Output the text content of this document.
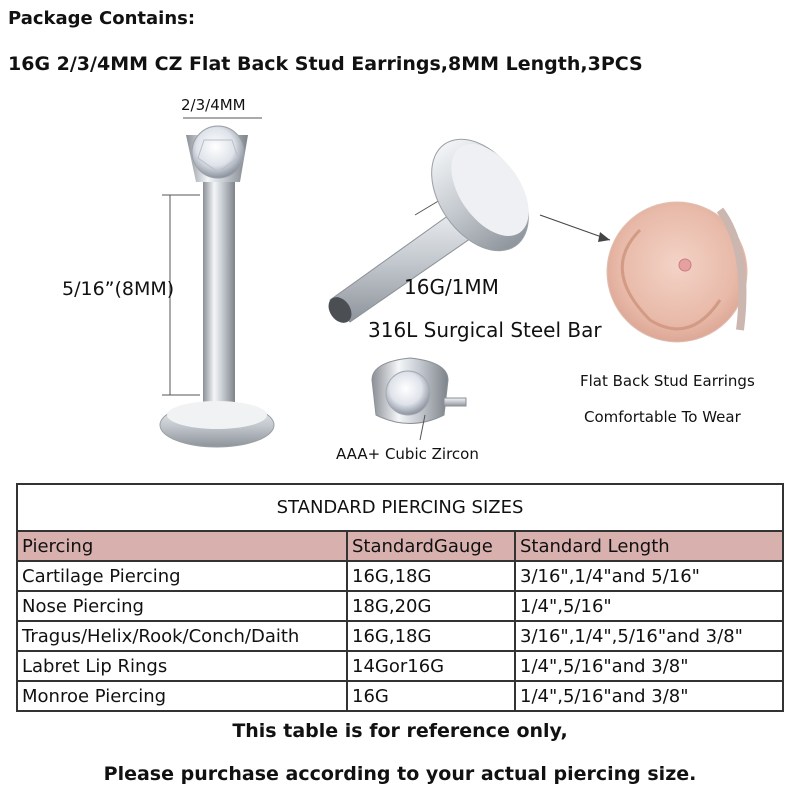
Package Contains:
16G 2/3/4MM CZ Flat Back Stud Earrings,8MM Length,3PCS
2/3/4MM
5/16”(8MM)	16G/1MM
316L Surgical Steel Bar
AAA+ Cubic Zircon
Flat Back Stud Earrings
Comfortable To Wear
STANDARD PIERCING SIZES		
Piercing	StandardGauge	Standard Length
Cartilage Piercing	16G,18G	3/16",1/4"and 5/16"
Nose Piercing	18G,20G	1/4",5/16"
Tragus/Helix/Rook/Conch/Daith	16G,18G	3/16",1/4",5/16"and 3/8"
Labret Lip Rings	14Gor16G	1/4",5/16"and 3/8"
Monroe Piercing	16G	1/4",5/16"and 3/8"
This table is for reference only,
Please purchase according to your actual piercing size.
